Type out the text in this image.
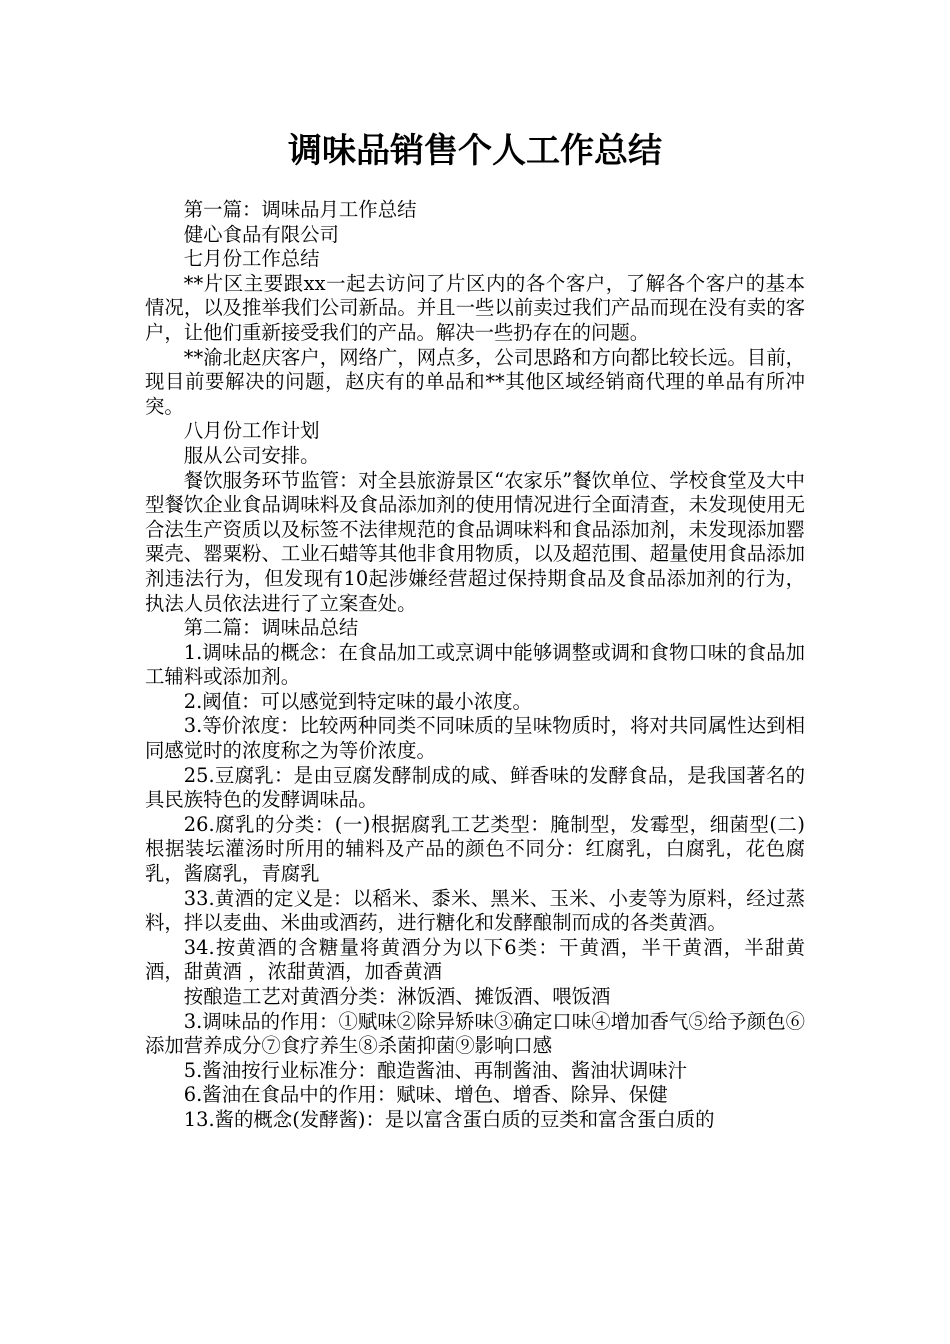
调味品销售个人工作总结

第一篇：调味品月工作总结

健心食品有限公司

七月份工作总结

**片区主要跟xx一起去访问了片区内的各个客户，了解各个客户的基本情况，以及推举我们公司新品。并且一些以前卖过我们产品而现在没有卖的客户，让他们重新接受我们的产品。解决一些扔存在的问题。

**渝北赵庆客户，网络广，网点多，公司思路和方向都比较长远。目前，现目前要解决的问题，赵庆有的单品和**其他区域经销商代理的单品有所冲突。

八月份工作计划

服从公司安排。

餐饮服务环节监管：对全县旅游景区“农家乐”餐饮单位、学校食堂及大中型餐饮企业食品调味料及食品添加剂的使用情况进行全面清查，未发现使用无合法生产资质以及标签不法律规范的食品调味料和食品添加剂，未发现添加罂粟壳、罂粟粉、工业石蜡等其他非食用物质，以及超范围、超量使用食品添加剂违法行为，但发现有10起涉嫌经营超过保持期食品及食品添加剂的行为，执法人员依法进行了立案查处。

第二篇：调味品总结

1.调味品的概念：在食品加工或烹调中能够调整或调和食物口味的食品加工辅料或添加剂。

2.阈值：可以感觉到特定味的最小浓度。

3.等价浓度：比较两种同类不同味质的呈味物质时，将对共同属性达到相同感觉时的浓度称之为等价浓度。

25.豆腐乳：是由豆腐发酵制成的咸、鲜香味的发酵食品，是我国著名的具民族特色的发酵调味品。

26.腐乳的分类：(一)根据腐乳工艺类型：腌制型，发霉型，细菌型(二)根据装坛灌汤时所用的辅料及产品的颜色不同分：红腐乳，白腐乳，花色腐乳，酱腐乳，青腐乳

33.黄酒的定义是：以稻米、黍米、黑米、玉米、小麦等为原料，经过蒸料，拌以麦曲、米曲或酒药，进行糖化和发酵酿制而成的各类黄酒。

34.按黄酒的含糖量将黄酒分为以下6类：干黄酒，半干黄酒，半甜黄酒，甜黄酒 ，浓甜黄酒，加香黄酒

按酿造工艺对黄酒分类：淋饭酒、摊饭酒、喂饭酒

3.调味品的作用：①赋味②除异矫味③确定口味④增加香气⑤给予颜色⑥添加营养成分⑦食疗养生⑧杀菌抑菌⑨影响口感

5.酱油按行业标准分：酿造酱油、再制酱油、酱油状调味汁

6.酱油在食品中的作用：赋味、增色、增香、除异、保健

13.酱的概念(发酵酱)：是以富含蛋白质的豆类和富含蛋白质的
